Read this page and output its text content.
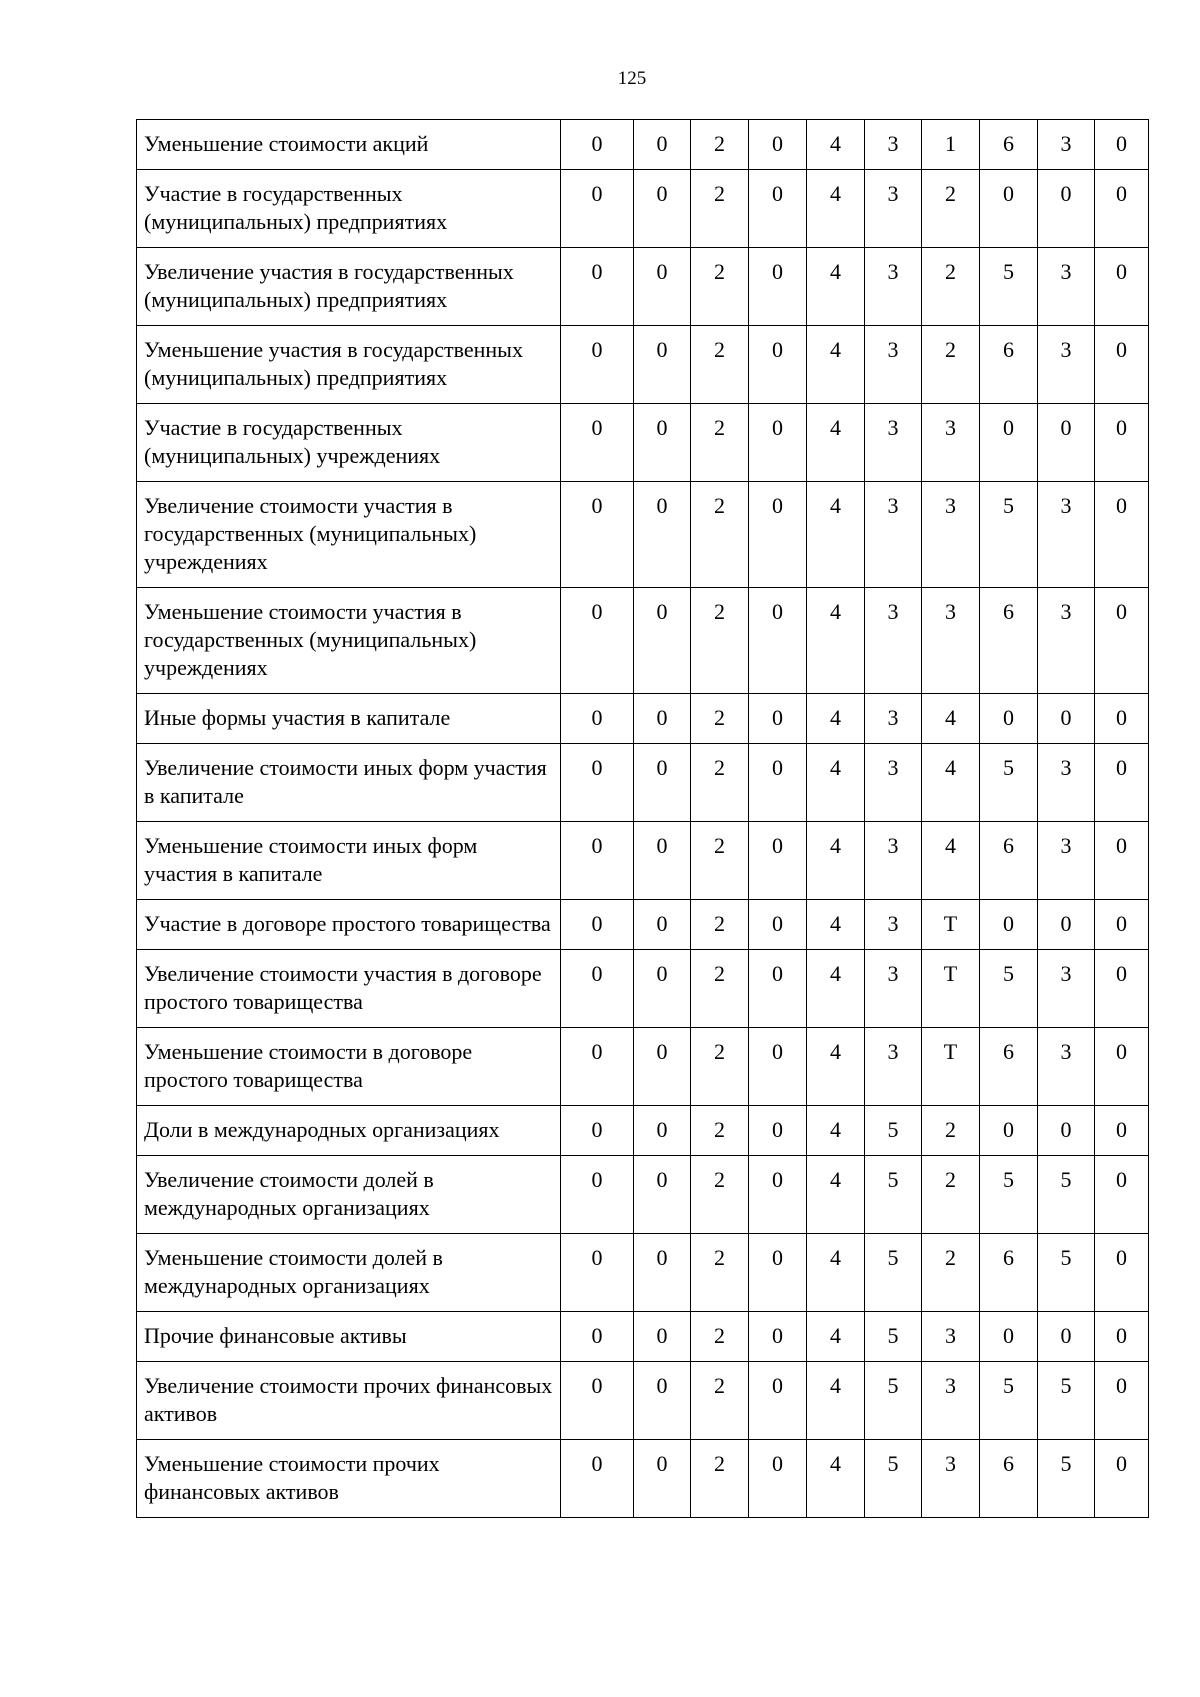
125
Уменьшение стоимости акций	0	0	2	0	4	3	1	6	3	0
Участие в государственных (муниципальных) предприятиях	0	0	2	0	4	3	2	0	0	0
Увеличение участия в государственных (муниципальных) предприятиях	0	0	2	0	4	3	2	5	3	0
Уменьшение участия в государственных (муниципальных) предприятиях	0	0	2	0	4	3	2	6	3	0
Участие в государственных (муниципальных) учреждениях	0	0	2	0	4	3	3	0	0	0
Увеличение стоимости участия в государственных (муниципальных) учреждениях	0	0	2	0	4	3	3	5	3	0
Уменьшение стоимости участия в государственных (муниципальных) учреждениях	0	0	2	0	4	3	3	6	3	0
Иные формы участия в капитале	0	0	2	0	4	3	4	0	0	0
Увеличение стоимости иных форм участия в капитале	0	0	2	0	4	3	4	5	3	0
Уменьшение стоимости иных форм участия в капитале	0	0	2	0	4	3	4	6	3	0
Участие в договоре простого товарищества	0	0	2	0	4	3	Т	0	0	0
Увеличение стоимости участия в договоре простого товарищества	0	0	2	0	4	3	Т	5	3	0
Уменьшение стоимости в договоре простого товарищества	0	0	2	0	4	3	Т	6	3	0
Доли в международных организациях	0	0	2	0	4	5	2	0	0	0
Увеличение стоимости долей в международных организациях	0	0	2	0	4	5	2	5	5	0
Уменьшение стоимости долей в международных организациях	0	0	2	0	4	5	2	6	5	0
Прочие финансовые активы	0	0	2	0	4	5	3	0	0	0
Увеличение стоимости прочих финансовых активов	0	0	2	0	4	5	3	5	5	0
Уменьшение стоимости прочих финансовых активов	0	0	2	0	4	5	3	6	5	0
